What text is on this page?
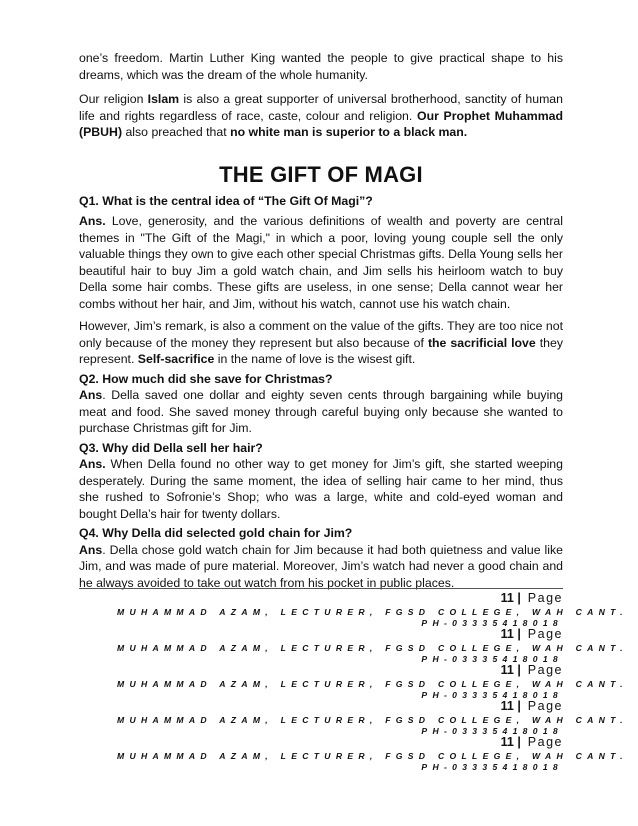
one’s freedom. Martin Luther King wanted the people to give practical shape to his dreams, which was the dream of the whole humanity.

Our religion Islam is also a great supporter of universal brotherhood, sanctity of human life and rights regardless of race, caste, colour and religion. Our Prophet Muhammad (PBUH) also preached that no white man is superior to a black man.

THE GIFT OF MAGI

Q1. What is the central idea of “The Gift Of Magi”?

Ans. Love, generosity, and the various definitions of wealth and poverty are central themes in "The Gift of the Magi," in which a poor, loving young couple sell the only valuable things they own to give each other special Christmas gifts. Della Young sells her beautiful hair to buy Jim a gold watch chain, and Jim sells his heirloom watch to buy Della some hair combs. These gifts are useless, in one sense; Della cannot wear her combs without her hair, and Jim, without his watch, cannot use his watch chain.

However, Jim’s remark, is also a comment on the value of the gifts. They are too nice not only because of the money they represent but also because of the sacrificial love they represent. Self-sacrifice in the name of love is the wisest gift.

Q2. How much did she save for Christmas?

Ans. Della saved one dollar and eighty seven cents through bargaining while buying meat and food. She saved money through careful buying only because she wanted to purchase Christmas gift for Jim.

Q3. Why did Della sell her hair?

Ans. When Della found no other way to get money for Jim’s gift, she started weeping desperately. During the same moment, the idea of selling hair came to her mind, thus she rushed to Sofronie’s Shop; who was a large, white and cold-eyed woman and bought Della’s hair for twenty dollars.

Q4. Why Della did selected gold chain for Jim?

Ans. Della chose gold watch chain for Jim because it had both quietness and value like Jim, and was made of pure material. Moreover, Jim’s watch had never a good chain and he always avoided to take out watch from his pocket in public places.

11 | Page
MUHAMMAD AZAM, LECTURER, FGSD COLLEGE, WAH CANT.
PH-03335418018
11 | Page
MUHAMMAD AZAM, LECTURER, FGSD COLLEGE, WAH CANT.
PH-03335418018
11 | Page
MUHAMMAD AZAM, LECTURER, FGSD COLLEGE, WAH CANT.
PH-03335418018
11 | Page
MUHAMMAD AZAM, LECTURER, FGSD COLLEGE, WAH CANT.
PH-03335418018
11 | Page
MUHAMMAD AZAM, LECTURER, FGSD COLLEGE, WAH CANT.
PH-03335418018
